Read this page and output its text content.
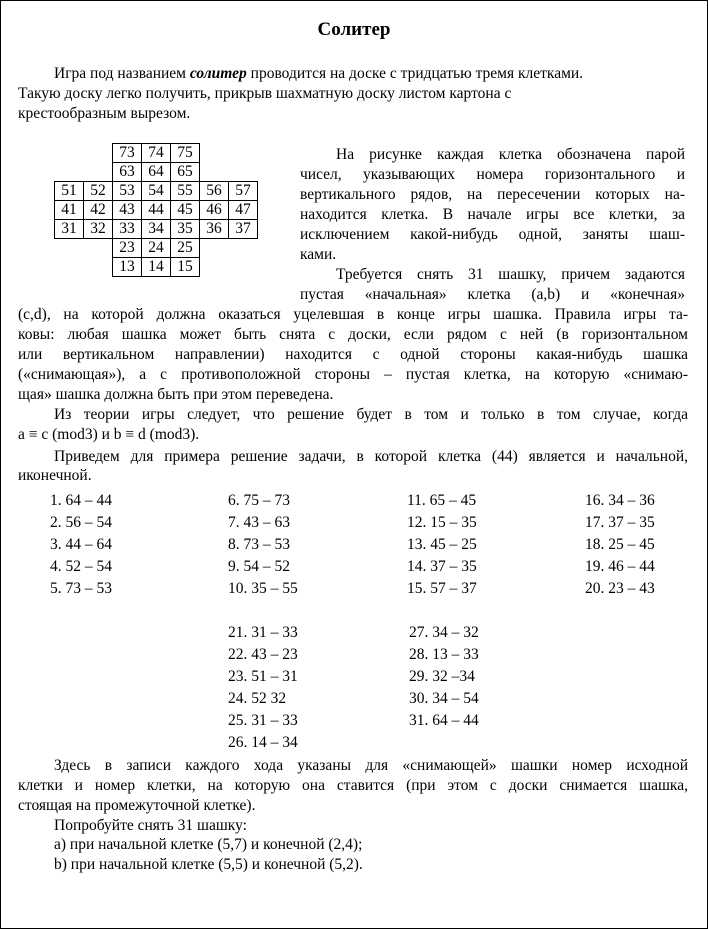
Солитер
Игра под названием солитер проводится на доске с тридцатью тремя клетками.
Такую доску легко получить, прикрыв шахматную доску листом картона с
крестообразным вырезом.
		73	74	75		
		63	64	65		
51	52	53	54	55	56	57
41	42	43	44	45	46	47
31	32	33	34	35	36	37
		23	24	25		
		13	14	15		
На рисунке каждая клетка обозначена парой
чисел, указывающих номера горизонтального и
вертикального рядов, на пересечении которых на-
находится клетка. В начале игры все клетки, за
исключением какой-нибудь одной, заняты шаш-
ками.
Требуется снять 31 шашку, причем задаются
пустая «начальная» клетка (a,b) и «конечная»
(c,d), на которой должна оказаться уцелевшая в конце игры шашка. Правила игры та-
ковы: любая шашка может быть снята с доски, если рядом с ней (в горизонтальном
или вертикальном направлении) находится с одной стороны какая-нибудь шашка
(«снимающая»), а с противоположной стороны – пустая клетка, на которую «снимаю-
щая» шашка должна быть при этом переведена.
Из теории игры следует, что решение будет в том и только в том случае, когда
a ≡ c (mod3) и b ≡ d (mod3).
Приведем для примера решение задачи, в которой клетка (44) является и начальной,
иконечной.
1. 64 – 44
2. 56 – 54
3. 44 – 64
4. 52 – 54
5. 73 – 53
6. 75 – 73
7. 43 – 63
8. 73 – 53
9. 54 – 52
10. 35 – 55
11. 65 – 45
12. 15 – 35
13. 45 – 25
14. 37 – 35
15. 57 – 37
16. 34 – 36
17. 37 – 35
18. 25 – 45
19. 46 – 44
20. 23 – 43
21. 31 – 33
22. 43 – 23
23. 51 – 31
24. 52 32
25. 31 – 33
26. 14 – 34
27. 34 – 32
28. 13 – 33
29. 32 –34
30. 34 – 54
31. 64 – 44
Здесь в записи каждого хода указаны для «снимающей» шашки номер исходной
клетки и номер клетки, на которую она ставится (при этом с доски снимается шашка,
стоящая на промежуточной клетке).
Попробуйте снять 31 шашку:
а) при начальной клетке (5,7) и конечной (2,4);
b) при начальной клетке (5,5) и конечной (5,2).
